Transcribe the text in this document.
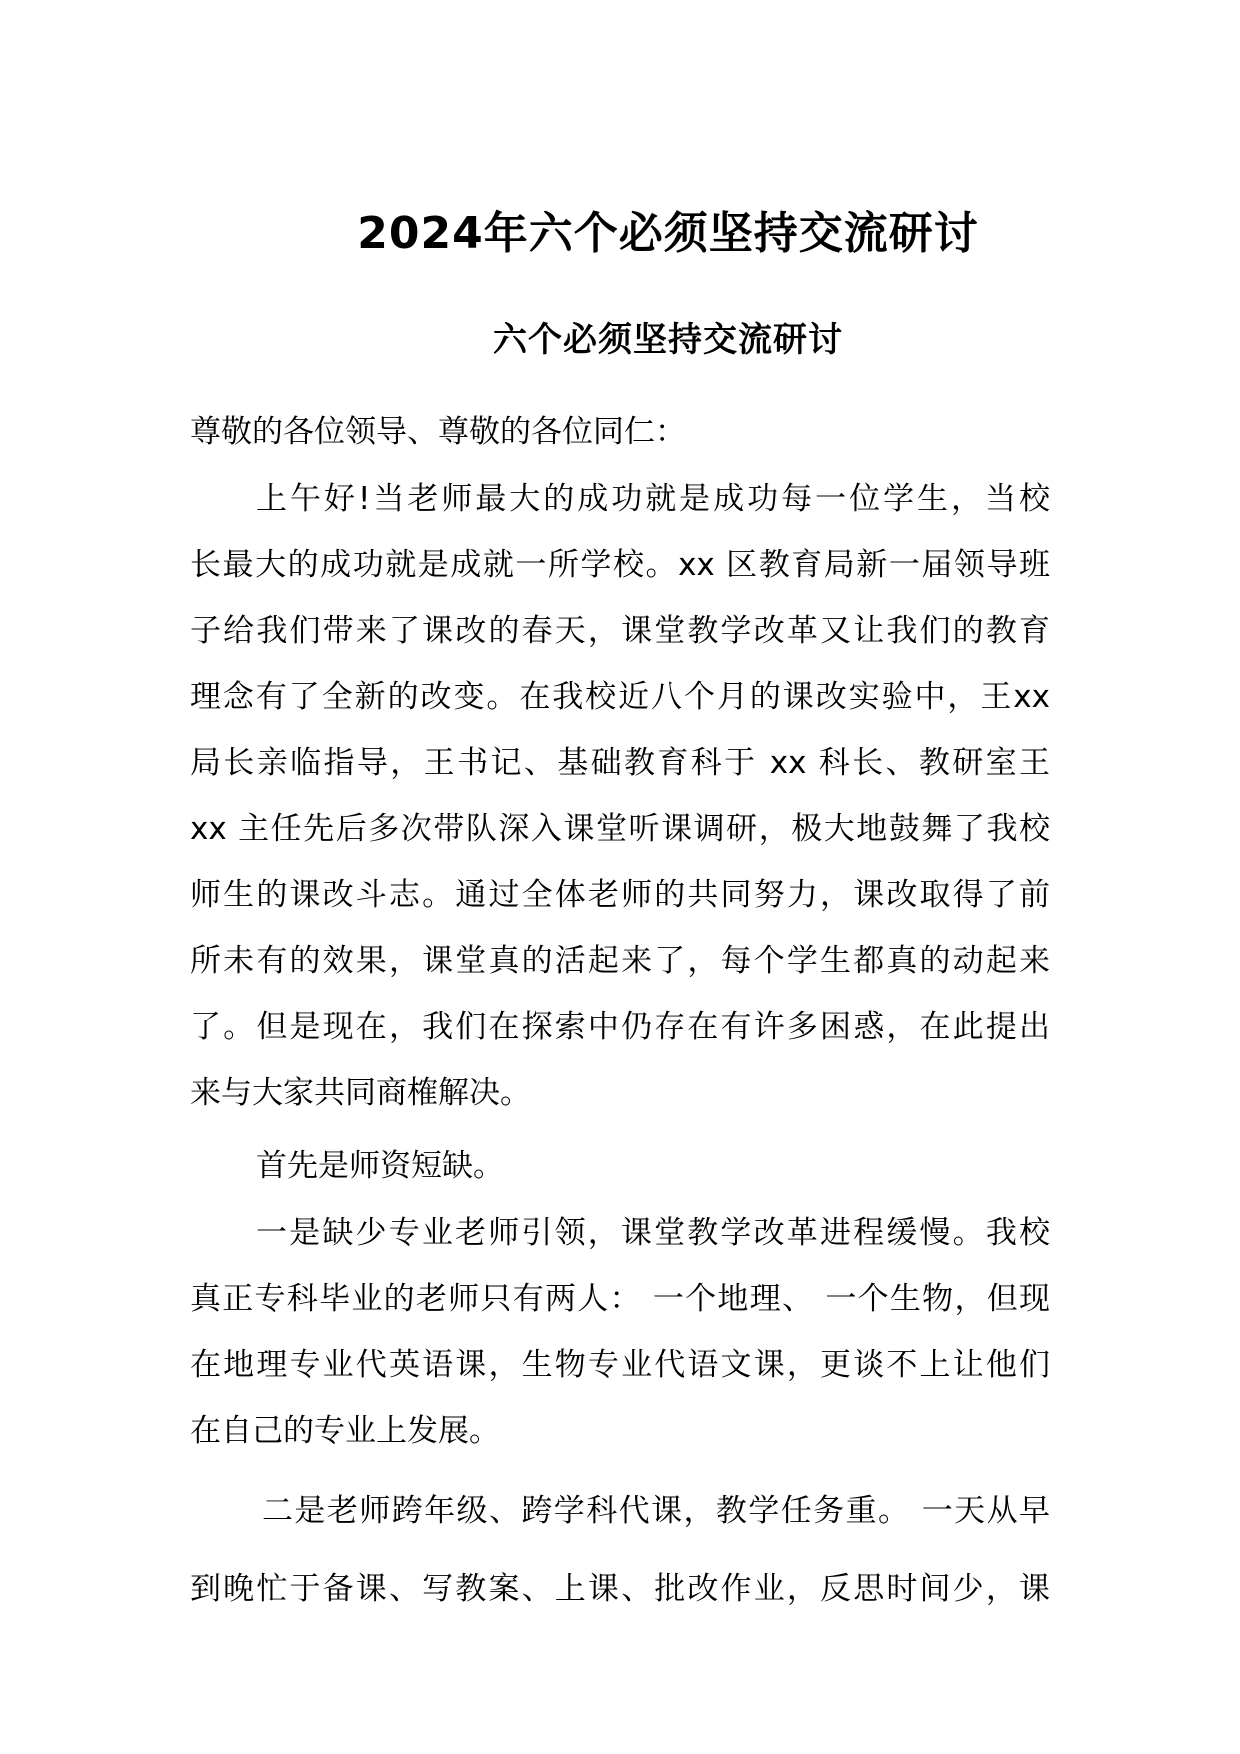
2024年六个必须坚持交流研讨
六个必须坚持交流研讨
尊敬的各位领导、尊敬的各位同仁：
上午好!当老师最大的成功就是成功每一位学生，当校
长最大的成功就是成就一所学校。xx 区教育局新一届领导班
子给我们带来了课改的春天，课堂教学改革又让我们的教育
理念有了全新的改变。在我校近八个月的课改实验中，王xx
局长亲临指导，王书记、基础教育科于 xx 科长、教研室王
xx 主任先后多次带队深入课堂听课调研，极大地鼓舞了我校
师生的课改斗志。通过全体老师的共同努力，课改取得了前
所未有的效果，课堂真的活起来了，每个学生都真的动起来
了。但是现在，我们在探索中仍存在有许多困惑，在此提出
来与大家共同商榷解决。
首先是师资短缺。
一是缺少专业老师引领，课堂教学改革进程缓慢。我校
真正专科毕业的老师只有两人： 一个地理、 一个生物，但现
在地理专业代英语课，生物专业代语文课，更谈不上让他们
在自己的专业上发展。
二是老师跨年级、跨学科代课，教学任务重。 一天从早
到晚忙于备课、写教案、上课、批改作业，反思时间少，课
